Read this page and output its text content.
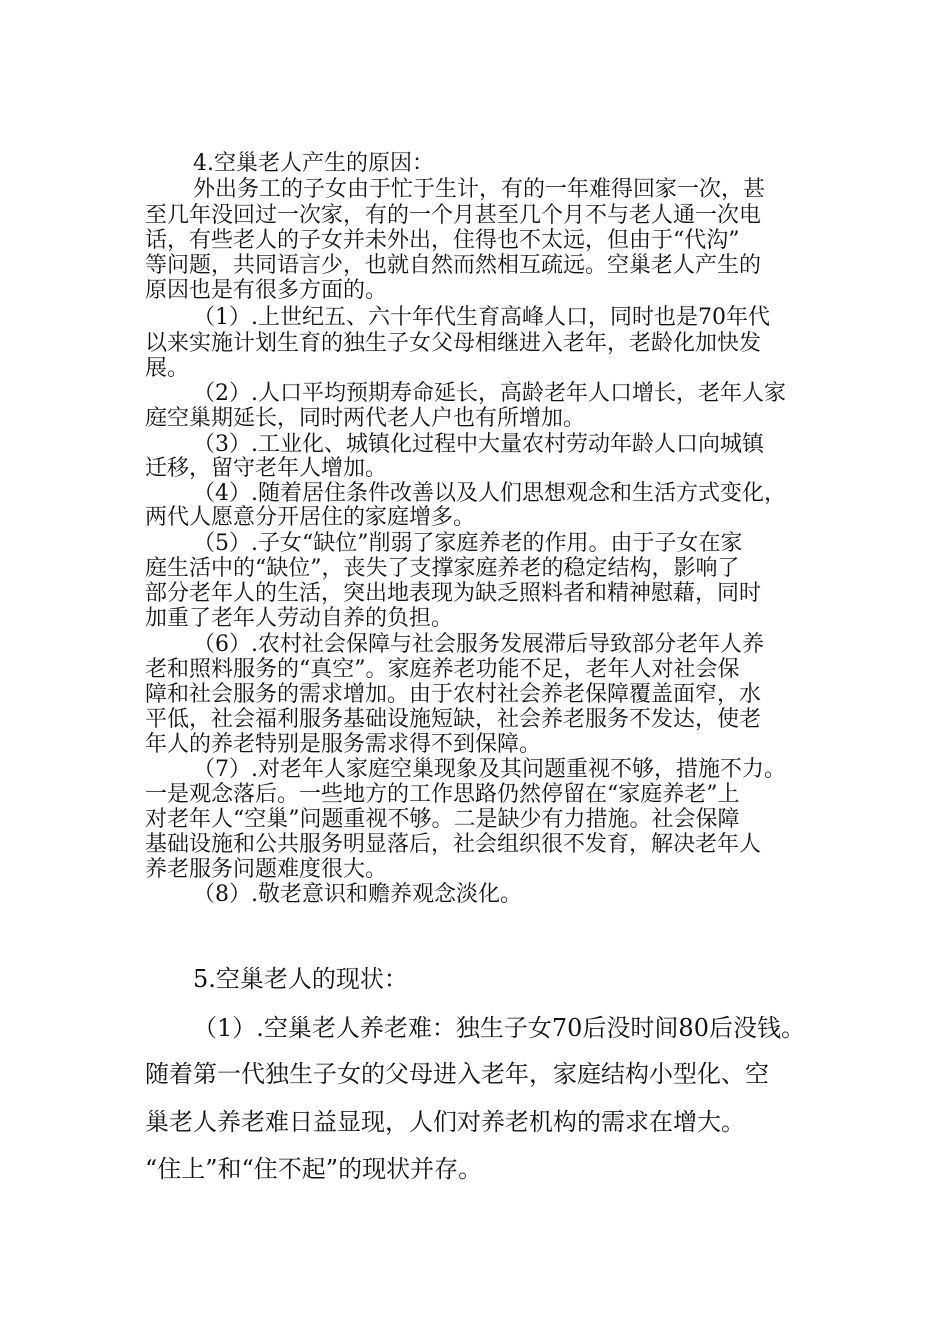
4.空巢老人产生的原因：

外出务工的子女由于忙于生计，有的一年难得回家一次，甚

至几年没回过一次家，有的一个月甚至几个月不与老人通一次电

话，有些老人的子女并未外出，住得也不太远，但由于“代沟”

等问题，共同语言少，也就自然而然相互疏远。空巢老人产生的

原因也是有很多方面的。

（1）.上世纪五、六十年代生育高峰人口，同时也是70年代

以来实施计划生育的独生子女父母相继进入老年，老龄化加快发

展。

（2）.人口平均预期寿命延长，高龄老年人口增长，老年人家

庭空巢期延长，同时两代老人户也有所增加。

（3）.工业化、城镇化过程中大量农村劳动年龄人口向城镇

迁移，留守老年人增加。

（4）.随着居住条件改善以及人们思想观念和生活方式变化，

两代人愿意分开居住的家庭增多。

（5）.子女“缺位”削弱了家庭养老的作用。由于子女在家

庭生活中的“缺位”，丧失了支撑家庭养老的稳定结构，影响了

部分老年人的生活，突出地表现为缺乏照料者和精神慰藉，同时

加重了老年人劳动自养的负担。

（6）.农村社会保障与社会服务发展滞后导致部分老年人养

老和照料服务的“真空”。家庭养老功能不足，老年人对社会保

障和社会服务的需求增加。由于农村社会养老保障覆盖面窄，水

平低，社会福利服务基础设施短缺，社会养老服务不发达，使老

年人的养老特别是服务需求得不到保障。

（7）.对老年人家庭空巢现象及其问题重视不够，措施不力。

一是观念落后。一些地方的工作思路仍然停留在“家庭养老”上

对老年人“空巢”问题重视不够。二是缺少有力措施。社会保障

基础设施和公共服务明显落后，社会组织很不发育，解决老年人

养老服务问题难度很大。

（8）.敬老意识和赡养观念淡化。

5.空巢老人的现状：

（1）.空巢老人养老难：独生子女70后没时间80后没钱。

随着第一代独生子女的父母进入老年，家庭结构小型化、空

巢老人养老难日益显现，人们对养老机构的需求在增大。

“住上”和“住不起”的现状并存。
